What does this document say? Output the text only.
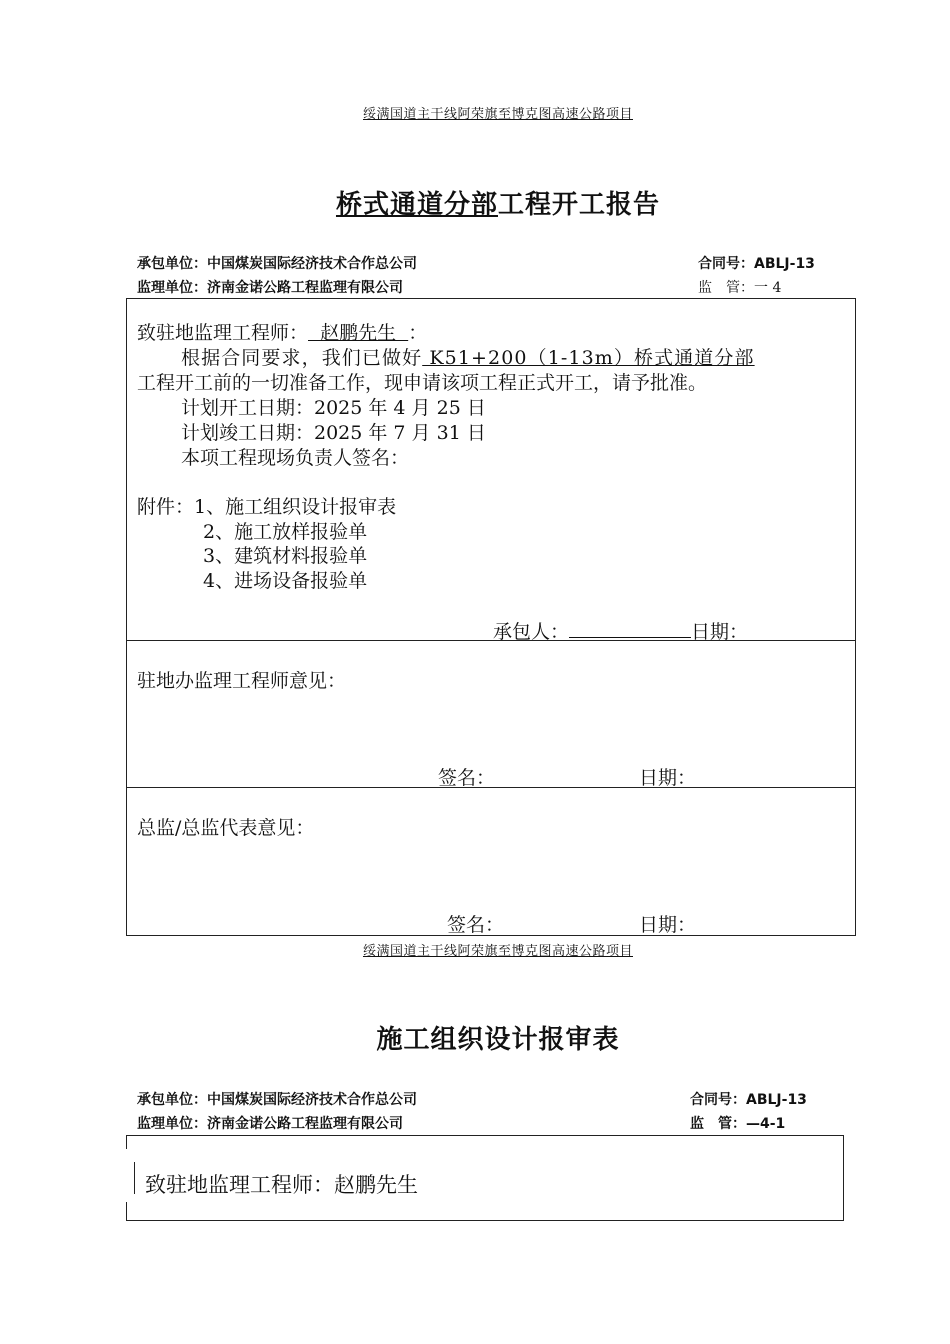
绥满国道主干线阿荣旗至博克图高速公路项目
桥式通道分部工程开工报告
承包单位：中国煤炭国际经济技术合作总公司	合同号：ABLJ-13
监理单位：济南金诺公路工程监理有限公司	监　管：一 4
致驻地监理工程师：  赵鹏先生  ：
根据合同要求，我们已做好 K51+200（1-13m）桥式通道分部
工程开工前的一切准备工作，现申请该项工程正式开工，请予批准。
计划开工日期：2025 年 4 月 25 日
计划竣工日期：2025 年 7 月 31 日
本项工程现场负责人签名：
附件：1、施工组织设计报审表
2、施工放样报验单
3、建筑材料报验单
4、进场设备报验单
承包人：	日期：
驻地办监理工程师意见：
签名：	日期：
总监/总监代表意见：
签名：	日期：
绥满国道主干线阿荣旗至博克图高速公路项目
施工组织设计报审表
承包单位：中国煤炭国际经济技术合作总公司	合同号：ABLJ-13
监理单位：济南金诺公路工程监理有限公司	监　管：—4-1
致驻地监理工程师：赵鹏先生
